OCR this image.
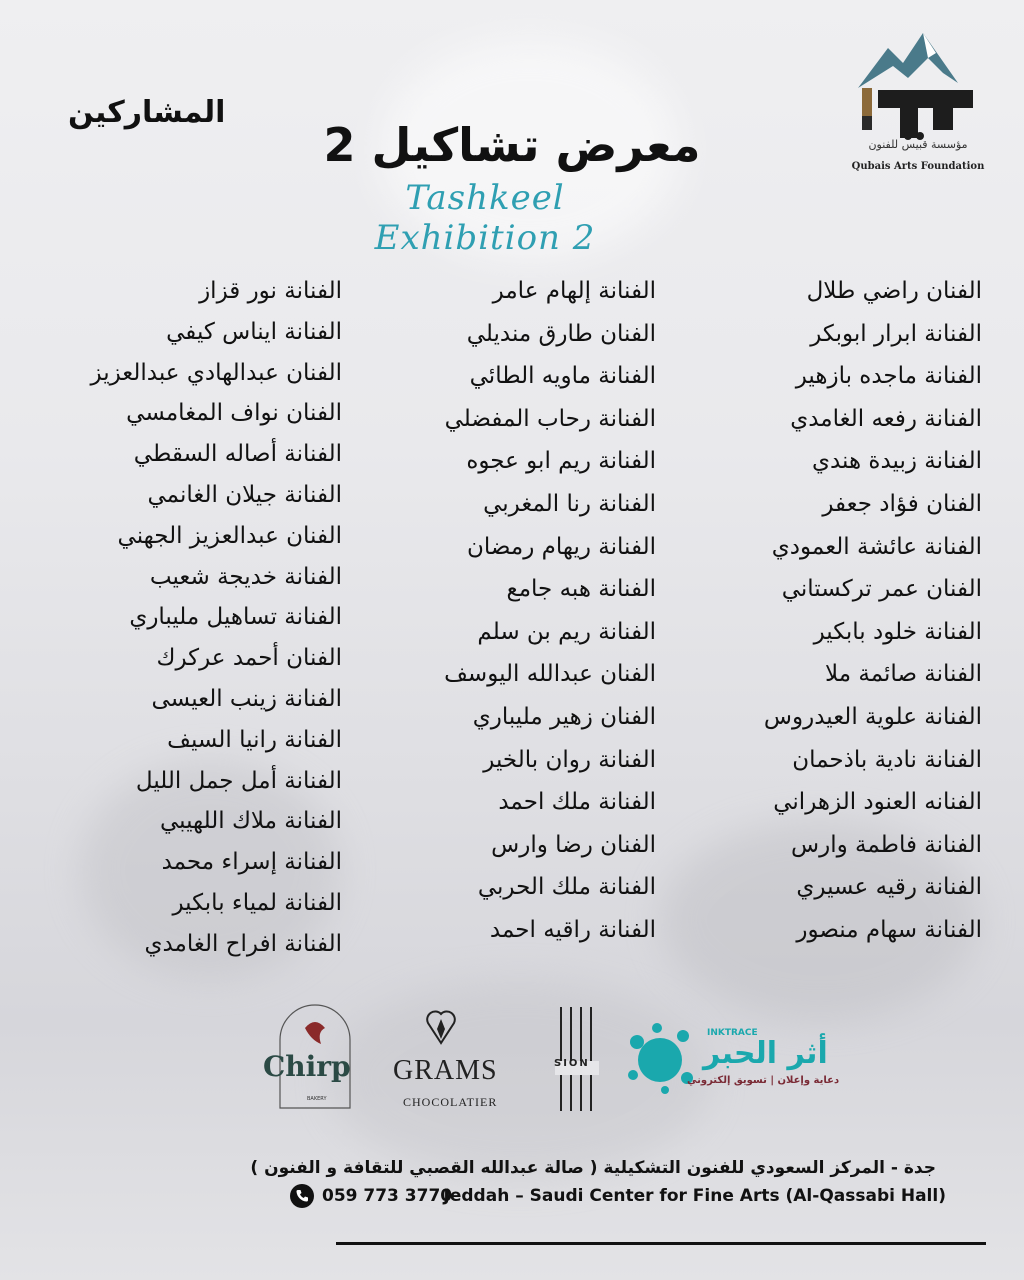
المشاركين
معرض تشاكيل 2
Tashkeel Exhibition 2
مؤسسة قبيس للفنون
Qubais Arts Foundation
الفنان راضي طلال
الفنانة ابرار ابوبكر
الفنانة ماجده بازهير
الفنانة رفعه الغامدي
الفنانة زبيدة هندي
الفنان فؤاد جعفر
الفنانة عائشة العمودي
الفنان عمر تركستاني
الفنانة خلود بابكير
الفنانة صائمة ملا
الفنانة علوية العيدروس
الفنانة نادية باذحمان
الفنانه العنود الزهراني
الفنانة فاطمة وارس
الفنانة رقيه عسيري
الفنانة سهام منصور
الفنانة إلهام عامر
الفنان طارق منديلي
الفنانة ماويه الطائي
الفنانة رحاب المفضلي
الفنانة ريم ابو عجوه
الفنانة رنا المغربي
الفنانة ريهام رمضان
الفنانة هبه جامع
الفنانة ريم بن سلم
الفنان عبدالله اليوسف
الفنان زهير مليباري
الفنانة روان بالخير
الفنانة ملك احمد
الفنان رضا وارس
الفنانة ملك الحربي
الفنانة راقيه احمد
الفنانة نور قزاز
الفنانة ايناس كيفي
الفنان عبدالهادي عبدالعزيز
الفنان نواف المغامسي
الفنانة أصاله السقطي
الفنانة جيلان الغانمي
الفنان عبدالعزيز الجهني
الفنانة خديجة شعيب
الفنانة تساهيل مليباري
الفنان أحمد عركرك
الفنانة زينب العيسى
الفنانة رانيا السيف
الفنانة أمل جمل الليل
الفنانة ملاك اللهيبي
الفنانة إسراء محمد
الفنانة لمياء بابكير
الفنانة افراح الغامدي
Chirp
BAKERY
GRAMS
CHOCOLATIER
SION
INKTRACE
أثر الحبر
دعاية وإعلان | تسويق إلكتروني
جدة - المركز السعودي للفنون التشكيلية ( صالة عبدالله القصبي للتقافة و الفنون )
059 773 3770
Jeddah – Saudi Center for Fine Arts (Al-Qassabi Hall)
